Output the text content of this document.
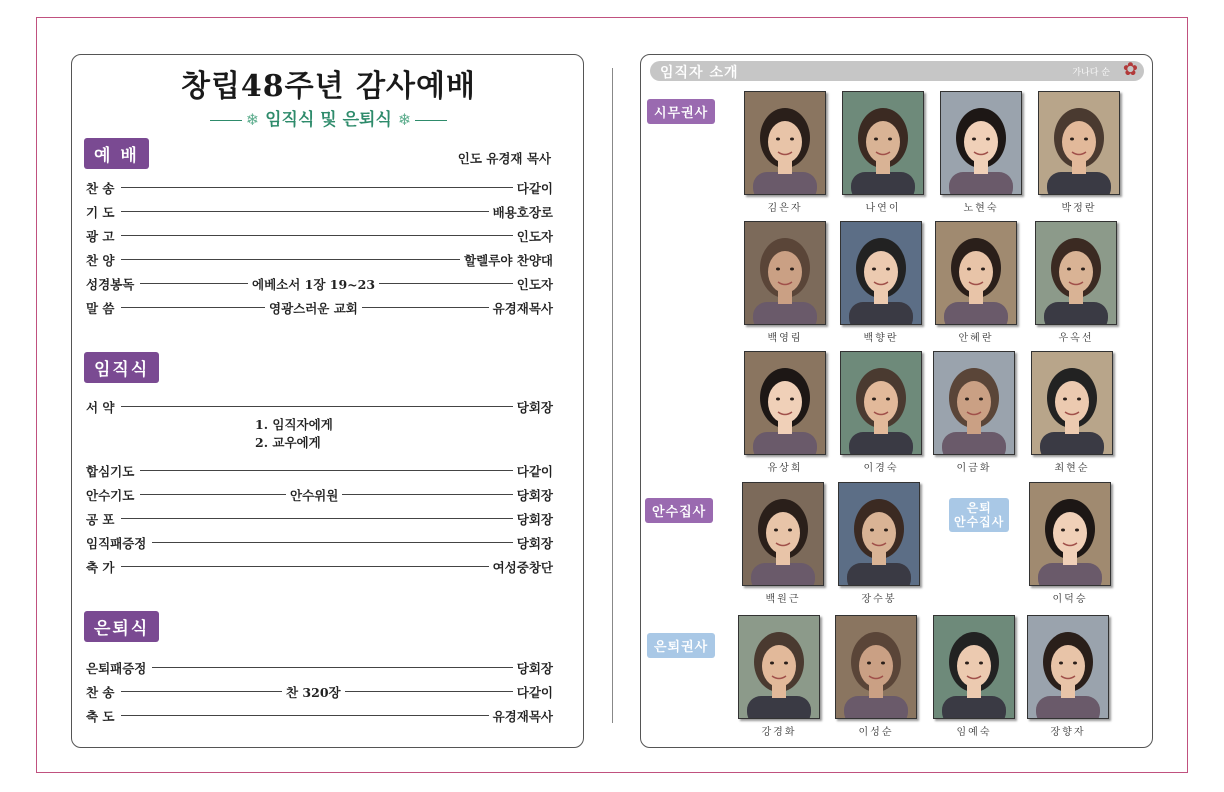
창립48주년 감사예배
❄ 임직식 및 은퇴식 ❄
예 배	인도 유경재 목사
찬 송	다같이
기 도	배용호장로
광 고	인도자
찬 양	할렐루야 찬양대
성경봉독	에베소서 1장 19~23	인도자
말 씀	영광스러운 교회	유경재목사
임직식
서 약	당회장
합심기도	다같이
안수기도	안수위원	당회장
공 포	당회장
임직패증정	당회장
축 가	여성중창단
1. 임직자에게
2. 교우에게
은퇴식
은퇴패증정	당회장
찬 송	찬 320장	다같이
축 도	유경재목사
임직자 소개	가나다 순 ✿
시무권사
안수집사	은퇴
안수집사
은퇴권사
김은자	나연이	노현숙	박정란
백영림	백향란	안혜란	우옥선
유상희	이경숙	이금화	최현순
백원근	장수봉	이덕승
강경화	이성순	임예숙	장향자
